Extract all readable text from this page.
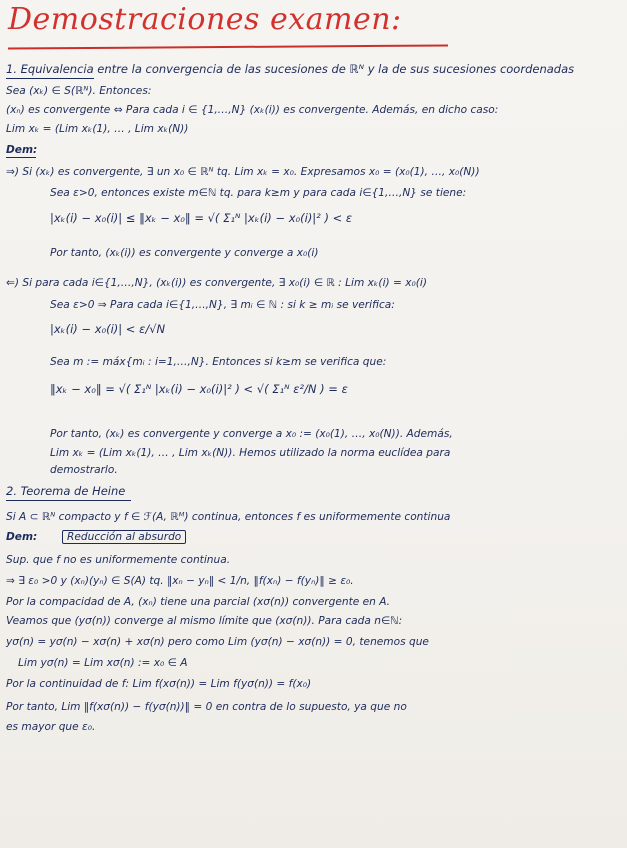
Demostraciones examen:
1. Equivalencia entre la convergencia de las sucesiones de ℝᴺ y la de sus sucesiones coordenadas
Sea (xₖ) ∈ S(ℝᴺ). Entonces:
(xₙ) es convergente ⇔ Para cada i ∈ {1,…,N} (xₖ(i)) es convergente. Además, en dicho caso:
Lim xₖ = (Lim xₖ(1), … , Lim xₖ(N))
Dem:
⇒) Si (xₖ) es convergente, ∃ un x₀ ∈ ℝᴺ tq. Lim xₖ = x₀. Expresamos x₀ = (x₀(1), …, x₀(N))
Sea ε>0, entonces existe m∈ℕ tq. para k≥m y para cada i∈{1,…,N} se tiene:
|xₖ(i) − x₀(i)| ≤ ‖xₖ − x₀‖ = √( Σ₁ᴺ |xₖ(i) − x₀(i)|² ) < ε
Por tanto, (xₖ(i)) es convergente y converge a x₀(i)
⇐) Si para cada i∈{1,…,N}, (xₖ(i)) es convergente, ∃ x₀(i) ∈ ℝ : Lim xₖ(i) = x₀(i)
Sea ε>0 ⇒ Para cada i∈{1,…,N}, ∃ mᵢ ∈ ℕ : si k ≥ mᵢ se verifica:
|xₖ(i) − x₀(i)| < ε/√N
Sea m := máx{mᵢ : i=1,…,N}. Entonces si k≥m se verifica que:
‖xₖ − x₀‖ = √( Σ₁ᴺ |xₖ(i) − x₀(i)|² ) < √( Σ₁ᴺ ε²/N ) = ε
Por tanto, (xₖ) es convergente y converge a x₀ := (x₀(1), …, x₀(N)). Además,
Lim xₖ = (Lim xₖ(1), … , Lim xₖ(N)). Hemos utilizado la norma euclídea para
demostrarlo.
2. Teorema de Heine
Si A ⊂ ℝᴺ compacto y f ∈ ℱ(A, ℝᴹ) continua, entonces f es uniformemente continua
Dem:	Reducción al absurdo
Sup. que f no es uniformemente continua.
⇒ ∃ ε₀ >0 y (xₙ)(yₙ) ∈ S(A) tq. ‖xₙ − yₙ‖ < 1/n, ‖f(xₙ) − f(yₙ)‖ ≥ ε₀.
Por la compacidad de A, (xₙ) tiene una parcial (xσ(n)) convergente en A.
Veamos que (yσ(n)) converge al mismo límite que (xσ(n)). Para cada n∈ℕ:
yσ(n) = yσ(n) − xσ(n) + xσ(n) pero como Lim (yσ(n) − xσ(n)) = 0, tenemos que
Lim yσ(n) = Lim xσ(n) := x₀ ∈ A
Por la continuidad de f: Lim f(xσ(n)) = Lim f(yσ(n)) = f(x₀)
Por tanto, Lim ‖f(xσ(n)) − f(yσ(n))‖ = 0 en contra de lo supuesto, ya que no
es mayor que ε₀.
